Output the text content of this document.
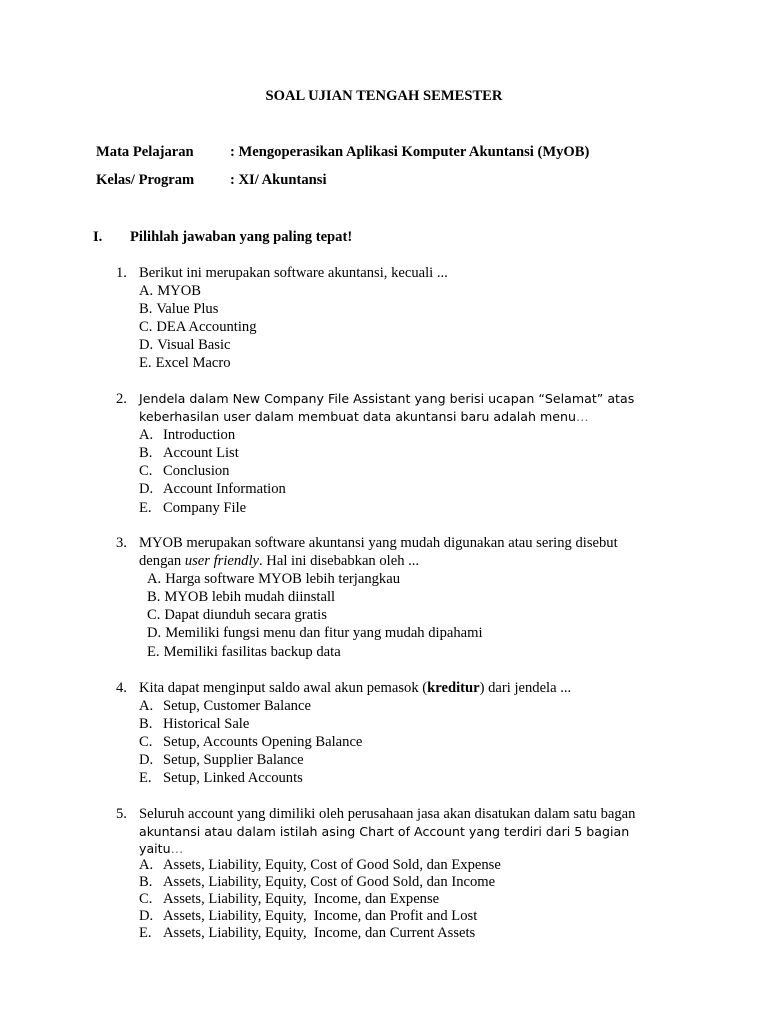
SOAL UJIAN TENGAH SEMESTER
Mata Pelajaran : Mengoperasikan Aplikasi Komputer Akuntansi (MyOB)
Kelas/ Program : XI/ Akuntansi
I. Pilihlah jawaban yang paling tepat!
1. Berikut ini merupakan software akuntansi, kecuali ...
A. MYOB
B. Value Plus
C. DEA Accounting
D. Visual Basic
E. Excel Macro
2. Jendela dalam New Company File Assistant yang berisi ucapan “Selamat” atas
keberhasilan user dalam membuat data akuntansi baru adalah menu…
A. Introduction
B. Account List
C. Conclusion
D. Account Information
E. Company File
3. MYOB merupakan software akuntansi yang mudah digunakan atau sering disebut
dengan user friendly. Hal ini disebabkan oleh ...
A. Harga software MYOB lebih terjangkau
B. MYOB lebih mudah diinstall
C. Dapat diunduh secara gratis
D. Memiliki fungsi menu dan fitur yang mudah dipahami
E. Memiliki fasilitas backup data
4. Kita dapat menginput saldo awal akun pemasok (kreditur) dari jendela ...
A. Setup, Customer Balance
B. Historical Sale
C. Setup, Accounts Opening Balance
D. Setup, Supplier Balance
E. Setup, Linked Accounts
5. Seluruh account yang dimiliki oleh perusahaan jasa akan disatukan dalam satu bagan
akuntansi atau dalam istilah asing Chart of Account yang terdiri dari 5 bagian yaitu…
A. Assets, Liability, Equity, Cost of Good Sold, dan Expense
B. Assets, Liability, Equity, Cost of Good Sold, dan Income
C. Assets, Liability, Equity,  Income, dan Expense
D. Assets, Liability, Equity,  Income, dan Profit and Lost
E. Assets, Liability, Equity,  Income, dan Current Assets
